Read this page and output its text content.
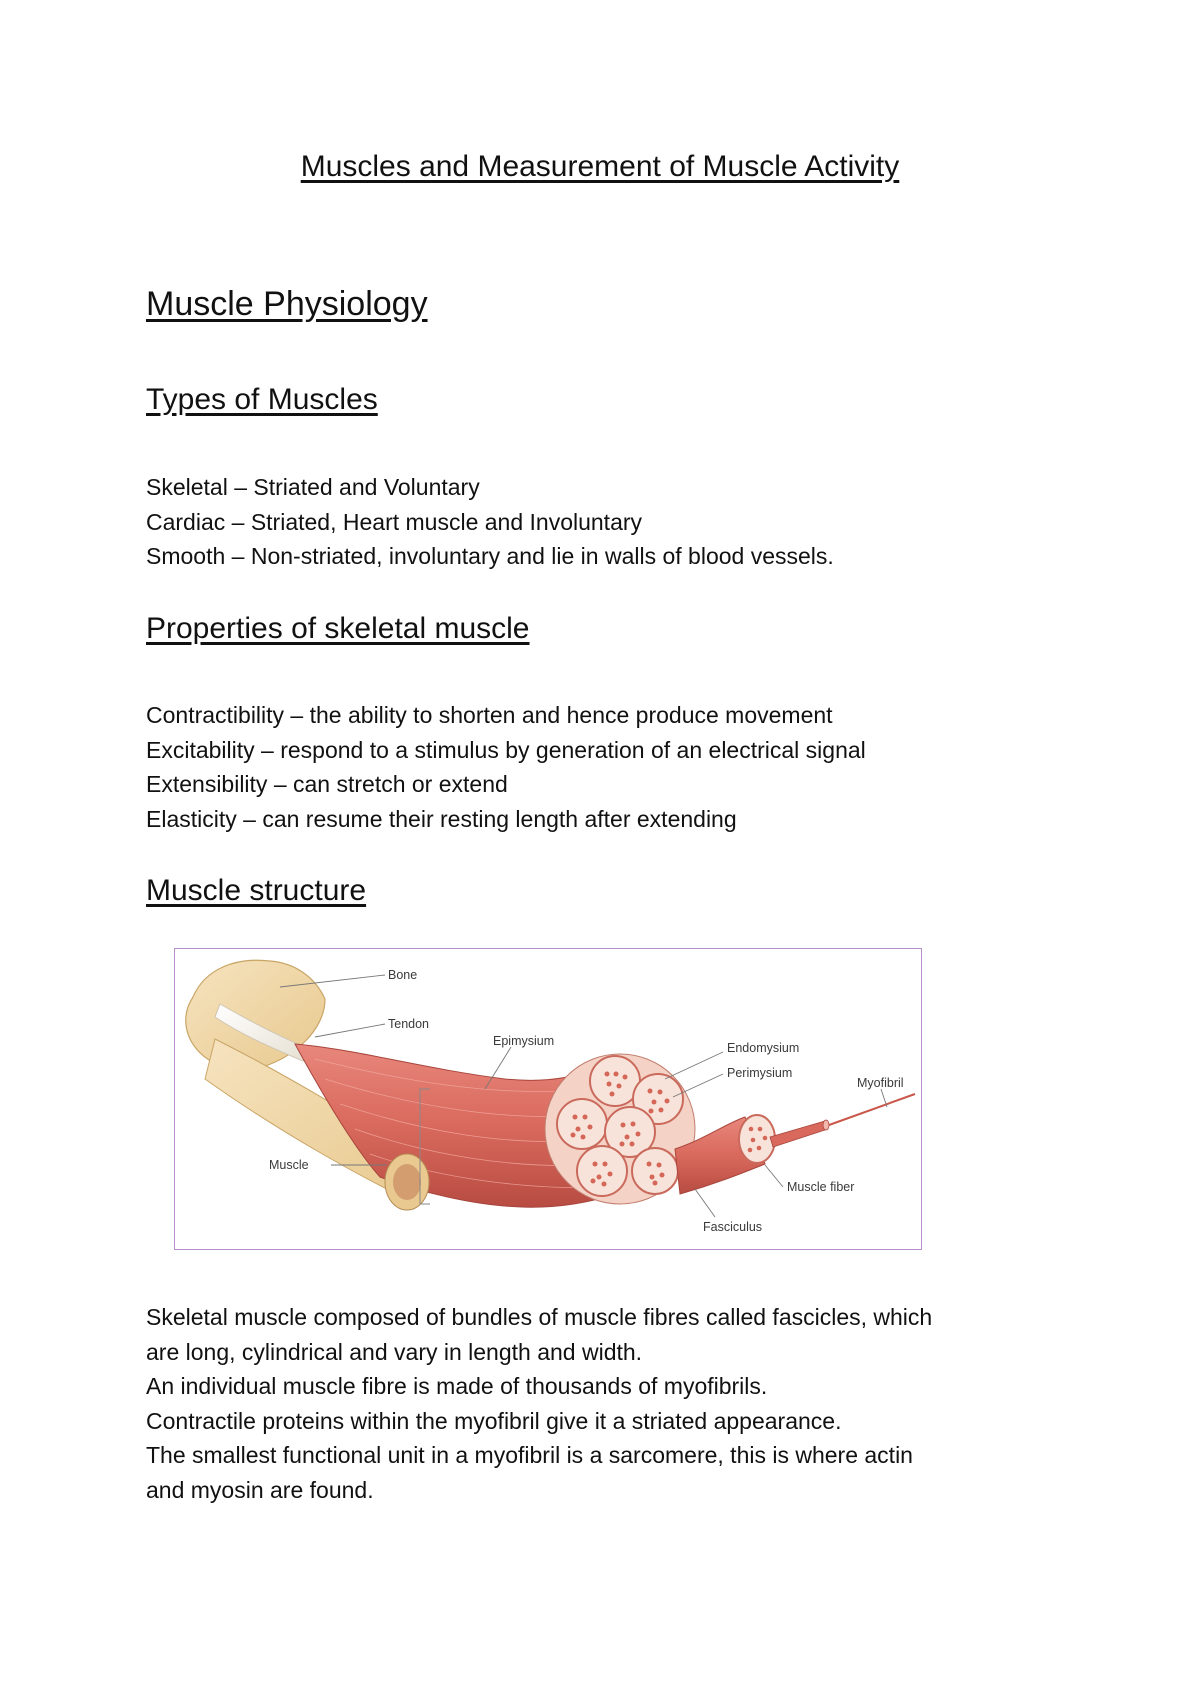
Muscles and Measurement of Muscle Activity
Muscle Physiology
Types of Muscles
Skeletal – Striated and Voluntary
Cardiac – Striated, Heart muscle and Involuntary
Smooth – Non-striated, involuntary and lie in walls of blood vessels.
Properties of skeletal muscle
Contractibility – the ability to shorten and hence produce movement
Excitability – respond to a stimulus by generation of an electrical signal
Extensibility – can stretch or extend
Elasticity – can resume their resting length after extending
Muscle structure
Bone
Tendon
Epimysium	Endomysium
Perimysium
Myofibril
Muscle
Muscle fiber
Fasciculus
Skeletal muscle composed of bundles of muscle fibres called fascicles, which
are long, cylindrical and vary in length and width.
An individual muscle fibre is made of thousands of myofibrils.
Contractile proteins within the myofibril give it a striated appearance.
The smallest functional unit in a myofibril is a sarcomere, this is where actin
and myosin are found.
